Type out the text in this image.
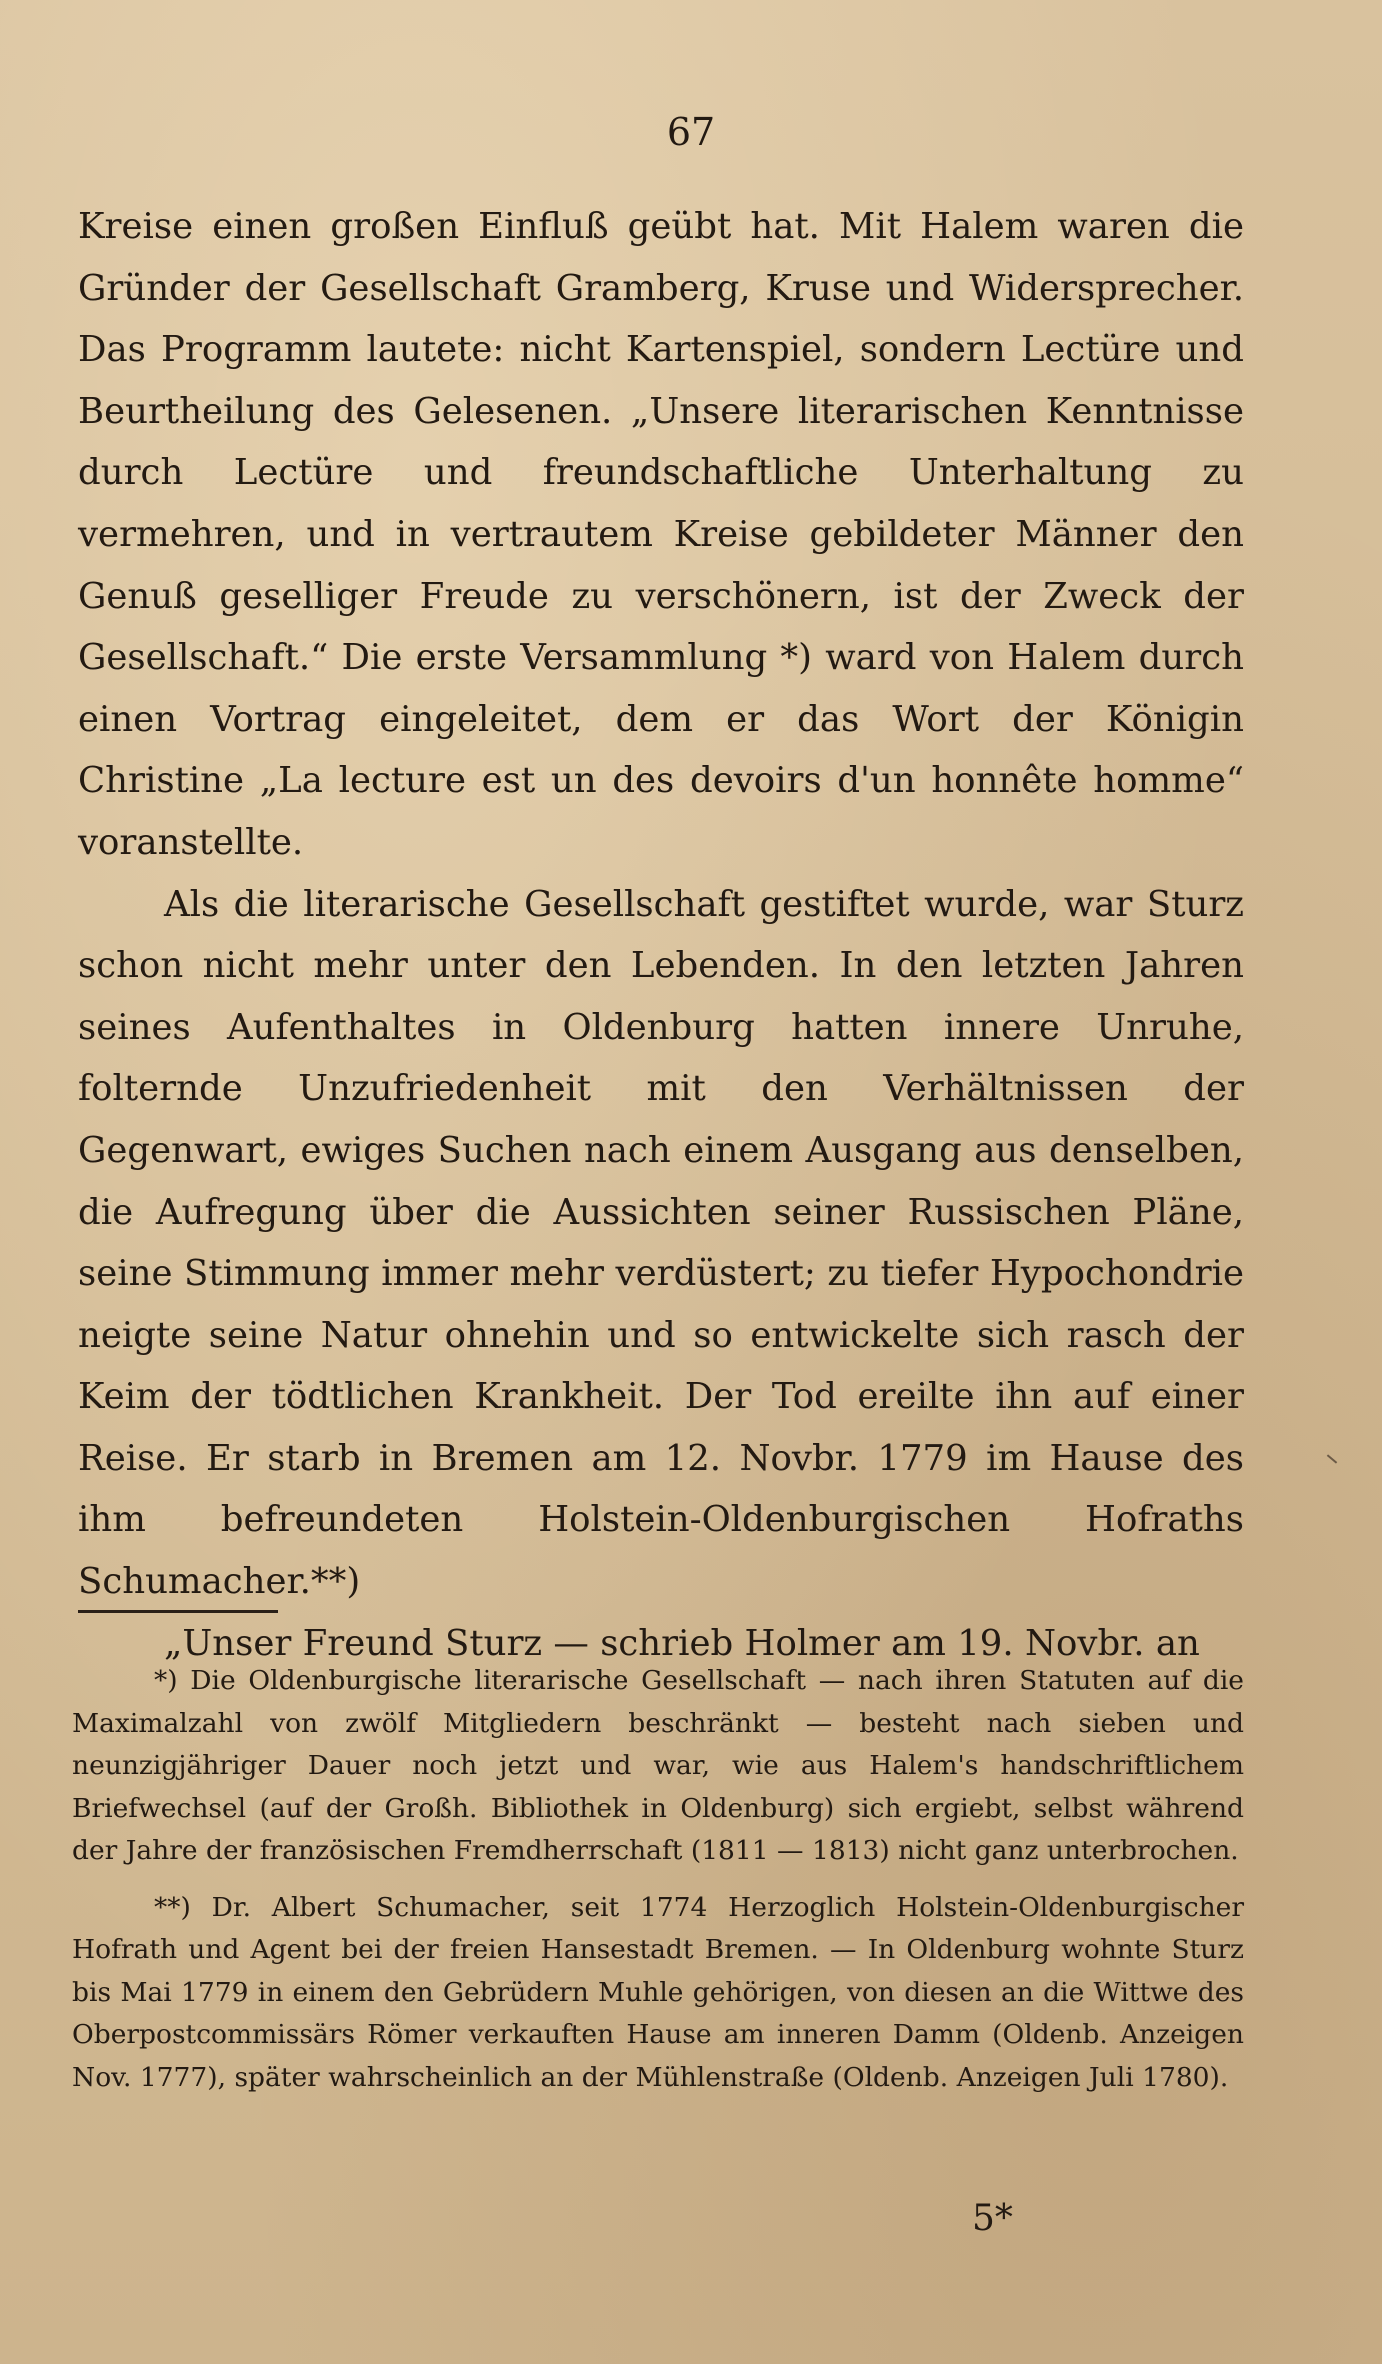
67

Kreise einen großen Einfluß geübt hat. Mit Halem waren die Gründer der Gesellschaft Gramberg, Kruse und Widersprecher. Das Programm lautete: nicht Kartenspiel, sondern Lectüre und Beurtheilung des Gelesenen. „Unsere literarischen Kenntnisse durch Lectüre und freundschaftliche Unterhaltung zu vermehren, und in vertrautem Kreise gebildeter Männer den Genuß geselliger Freude zu verschönern, ist der Zweck der Gesellschaft.“ Die erste Versammlung *) ward von Halem durch einen Vortrag eingeleitet, dem er das Wort der Königin Christine „La lecture est un des devoirs d'un honnête homme“ voranstellte.

Als die literarische Gesellschaft gestiftet wurde, war Sturz schon nicht mehr unter den Lebenden. In den letzten Jahren seines Aufenthaltes in Oldenburg hatten innere Unruhe, folternde Unzufriedenheit mit den Verhältnissen der Gegenwart, ewiges Suchen nach einem Ausgang aus denselben, die Aufregung über die Aussichten seiner Russischen Pläne, seine Stimmung immer mehr verdüstert; zu tiefer Hypochondrie neigte seine Natur ohnehin und so entwickelte sich rasch der Keim der tödtlichen Krankheit. Der Tod ereilte ihn auf einer Reise. Er starb in Bremen am 12. Novbr. 1779 im Hause des ihm befreundeten Holstein-Oldenburgischen Hofraths Schumacher.**)

„Unser Freund Sturz — schrieb Holmer am 19. Novbr. an

*) Die Oldenburgische literarische Gesellschaft — nach ihren Statuten auf die Maximalzahl von zwölf Mitgliedern beschränkt — besteht nach sieben und neunzigjähriger Dauer noch jetzt und war, wie aus Halem's handschriftlichem Briefwechsel (auf der Großh. Bibliothek in Oldenburg) sich ergiebt, selbst während der Jahre der französischen Fremdherrschaft (1811 — 1813) nicht ganz unterbrochen.

**) Dr. Albert Schumacher, seit 1774 Herzoglich Holstein-Oldenburgischer Hofrath und Agent bei der freien Hansestadt Bremen. — In Oldenburg wohnte Sturz bis Mai 1779 in einem den Gebrüdern Muhle gehörigen, von diesen an die Wittwe des Oberpostcommissärs Römer verkauften Hause am inneren Damm (Oldenb. Anzeigen Nov. 1777), später wahrscheinlich an der Mühlenstraße (Oldenb. Anzeigen Juli 1780).

5*
